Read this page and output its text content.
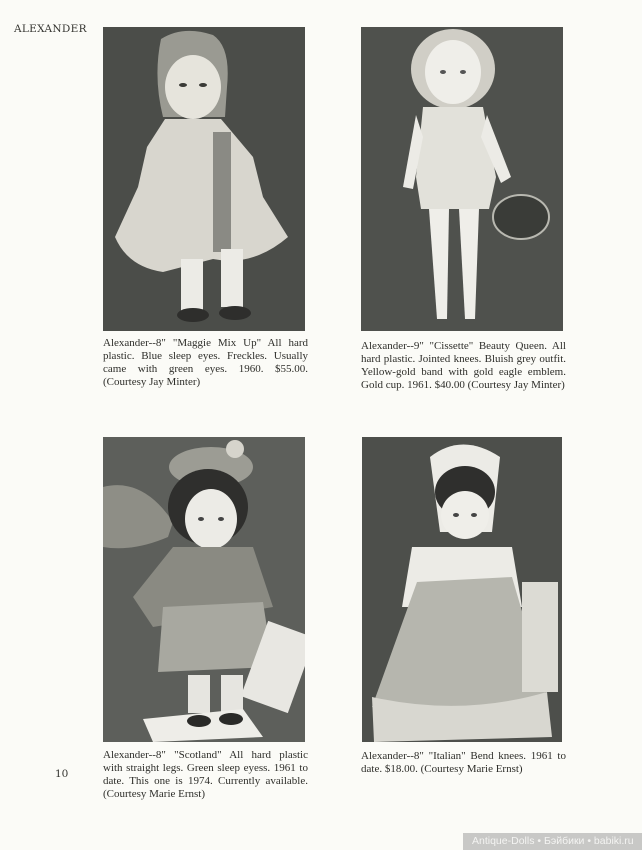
ALEXANDER
Alexander--8" "Maggie Mix Up" All hard plastic. Blue sleep eyes. Freckles. Usually came with green eyes. 1960. $55.00. (Courtesy Jay Minter)
Alexander--9" "Cissette" Beauty Queen. All hard plastic. Jointed knees. Bluish grey outfit. Yellow-gold band with gold eagle emblem. Gold cup. 1961. $40.00 (Courtesy Jay Minter)
Alexander--8" "Scotland" All hard plastic with straight legs. Green sleep eyess. 1961 to date. This one is 1974. Currently available. (Courtesy Marie Ernst)
Alexander--8" "Italian" Bend knees. 1961 to date. $18.00. (Courtesy Marie Ernst)
10
Antique-Dolls • Бэйбики • babiki.ru
